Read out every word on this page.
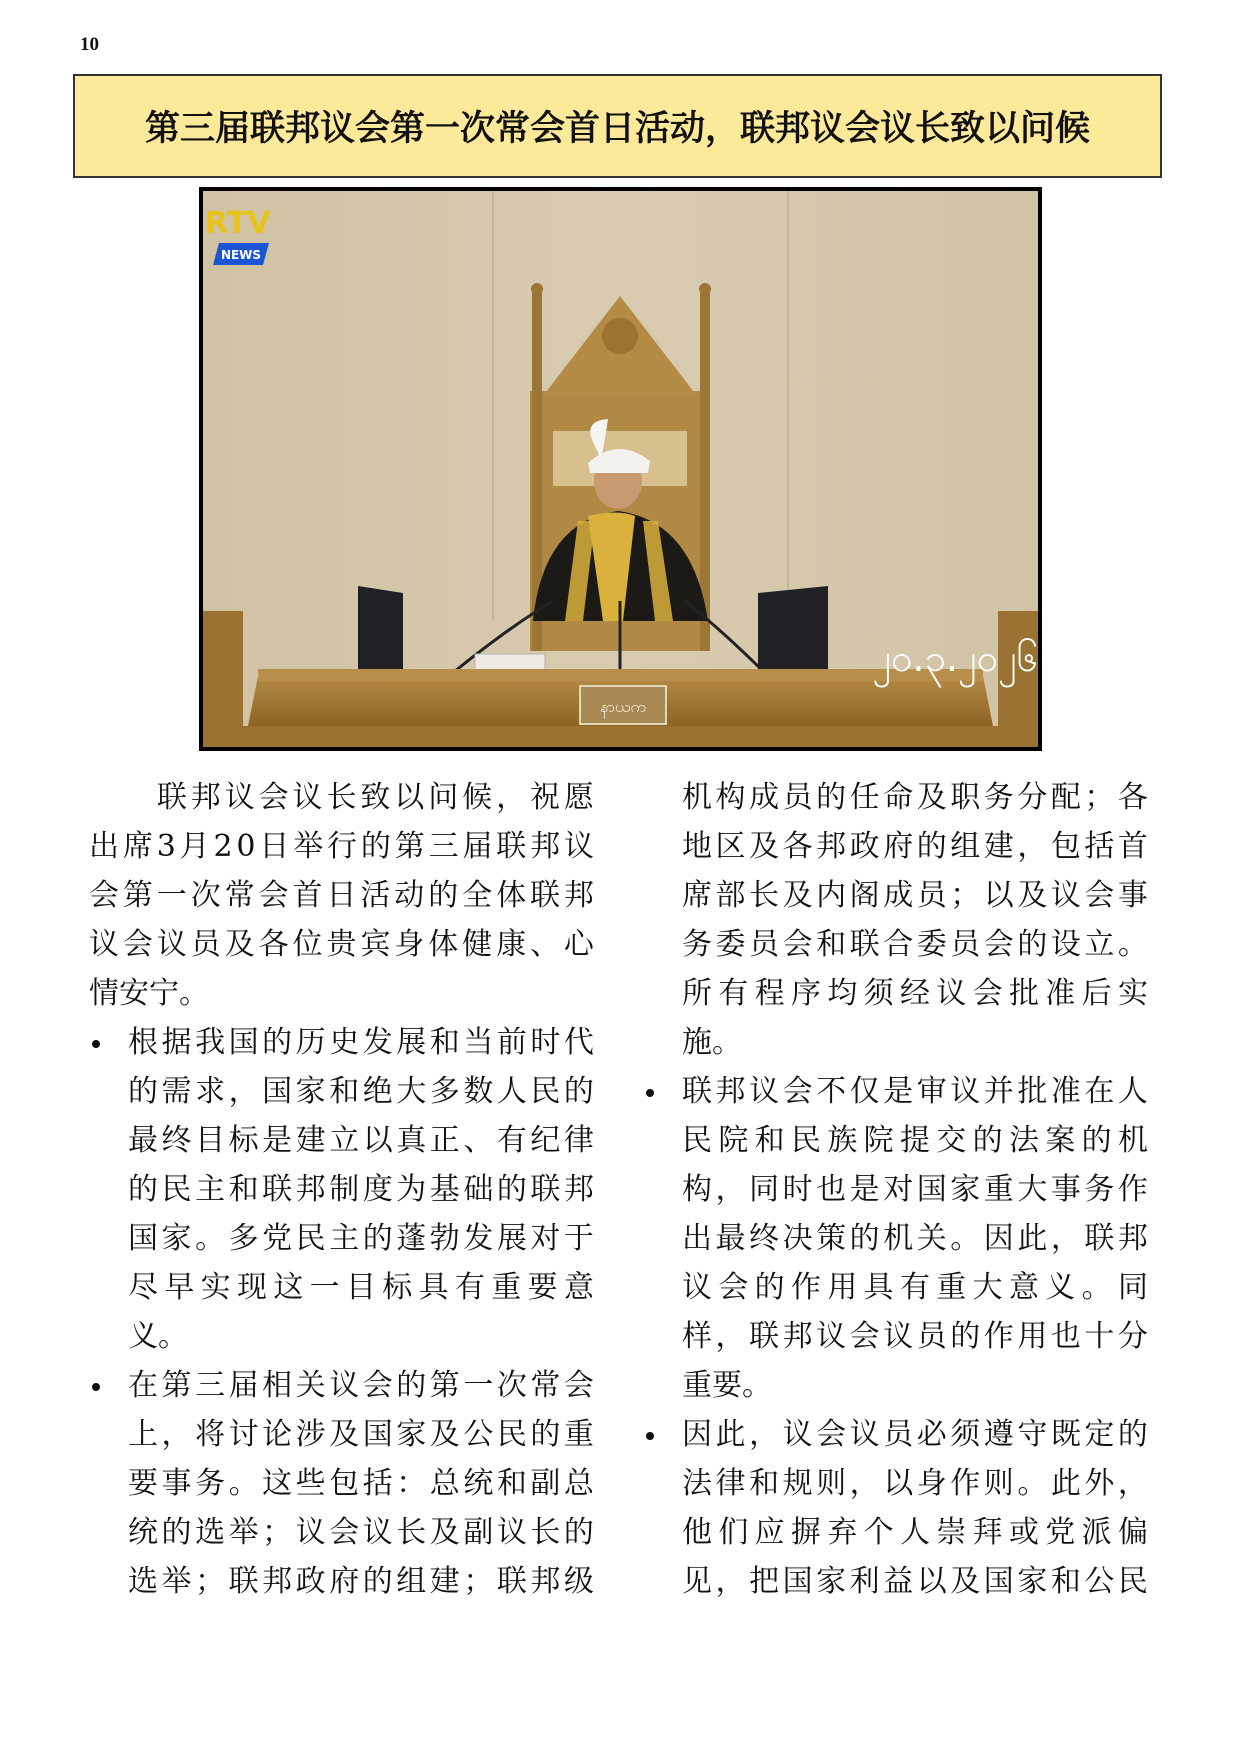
10
第三届联邦议会第一次常会首日活动，联邦议会议长致以问候
နာယက
RTV
NEWS
၂၀.၃.၂၀၂၆

联 邦 议 会 议 长 致 以 问 候 ， 祝 愿
出 席 3 月 2 0 日 举 行 的 第 三 届 联 邦 议
会 第 一 次 常 会 首 日 活 动 的 全 体 联 邦
议 会 议 员 及 各 位 贵 宾 身 体 健 康 、 心
情安宁。
根 据 我 国 的 历 史 发 展 和 当 前 时 代
的 需 求 ， 国 家 和 绝 大 多 数 人 民 的
最 终 目 标 是 建 立 以 真 正 、 有 纪 律
的 民 主 和 联 邦 制 度 为 基 础 的 联 邦
国 家 。 多 党 民 主 的 蓬 勃 发 展 对 于
尽 早 实 现 这 一 目 标 具 有 重 要 意
义。
在 第 三 届 相 关 议 会 的 第 一 次 常 会
上 ， 将 讨 论 涉 及 国 家 及 公 民 的 重
要 事 务 。 这 些 包 括 ： 总 统 和 副 总
统 的 选 举 ； 议 会 议 长 及 副 议 长 的
选 举 ； 联 邦 政 府 的 组 建 ； 联 邦 级
机 构 成 员 的 任 命 及 职 务 分 配 ； 各
地 区 及 各 邦 政 府 的 组 建 ， 包 括 首
席 部 长 及 内 阁 成 员 ； 以 及 议 会 事
务 委 员 会 和 联 合 委 员 会 的 设 立 。
所 有 程 序 均 须 经 议 会 批 准 后 实
施。
联 邦 议 会 不 仅 是 审 议 并 批 准 在 人
民 院 和 民 族 院 提 交 的 法 案 的 机
构 ， 同 时 也 是 对 国 家 重 大 事 务 作
出 最 终 决 策 的 机 关 。 因 此 ， 联 邦
议 会 的 作 用 具 有 重 大 意 义 。 同
样 ， 联 邦 议 会 议 员 的 作 用 也 十 分
重要。
因 此 ， 议 会 议 员 必 须 遵 守 既 定 的
法 律 和 规 则 ， 以 身 作 则 。 此 外 ，
他 们 应 摒 弃 个 人 崇 拜 或 党 派 偏
见 ， 把 国 家 利 益 以 及 国 家 和 公 民
